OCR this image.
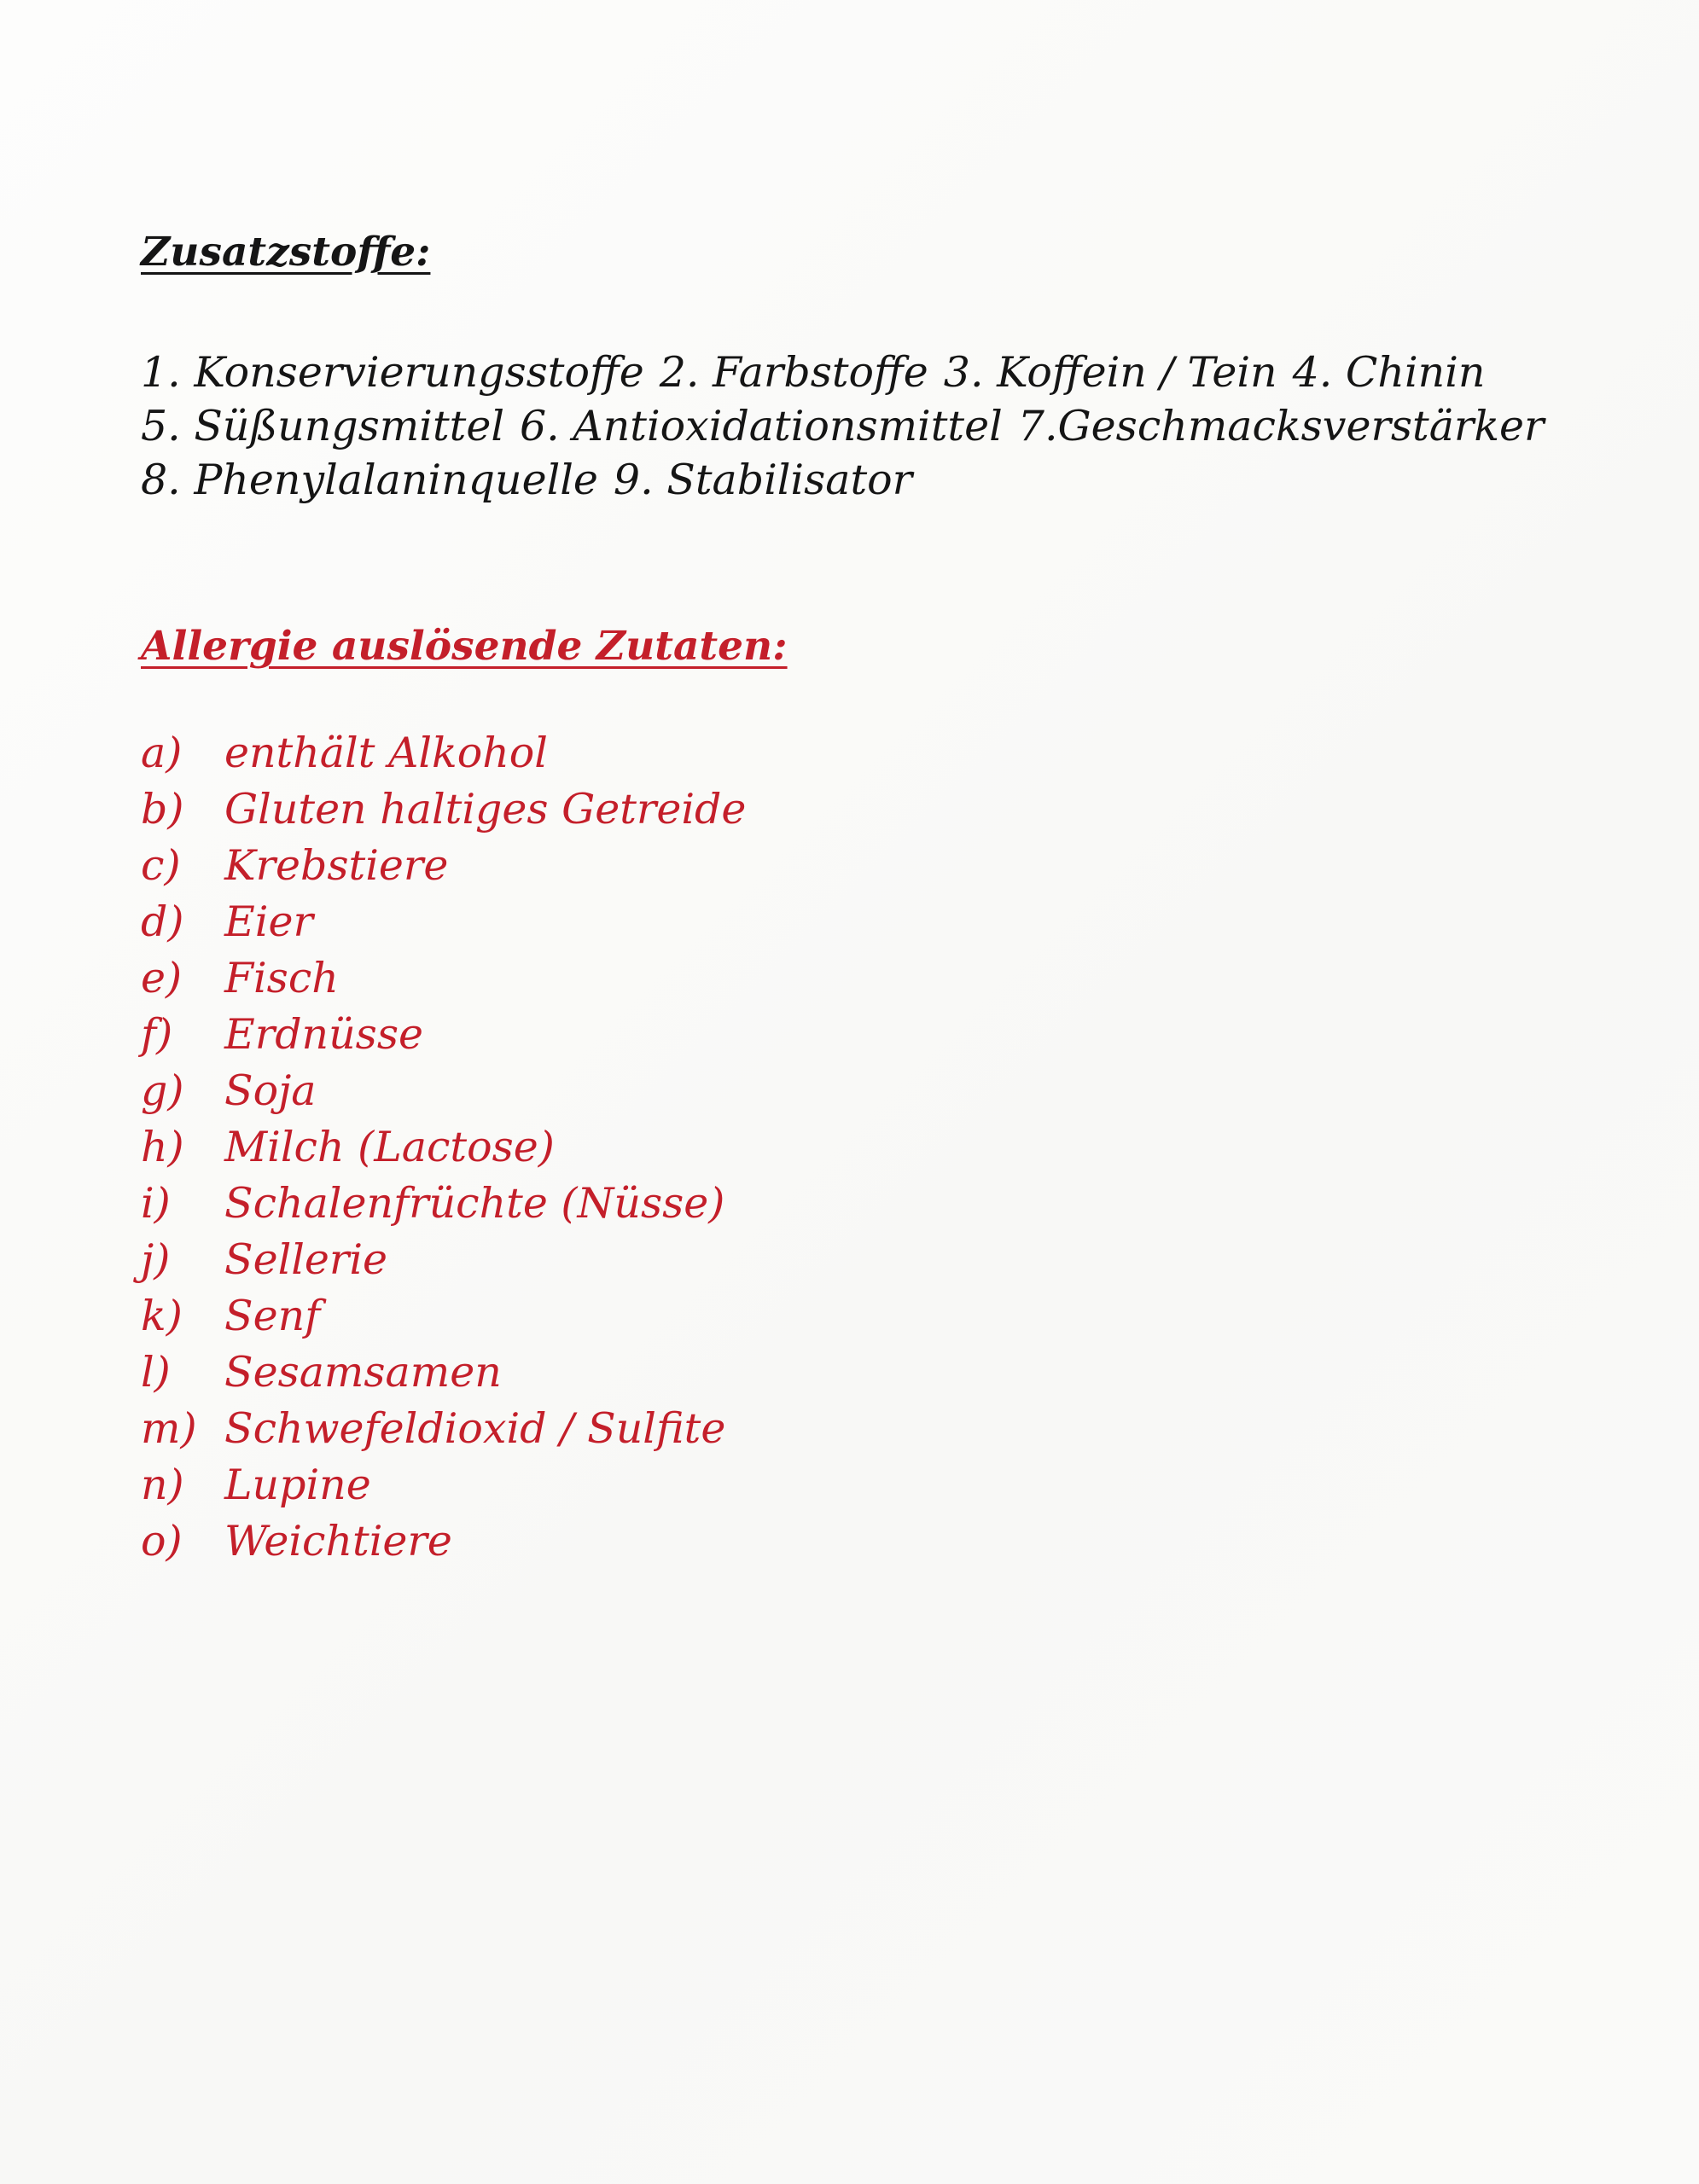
Zusatzstoffe:
1. Konservierungsstoffe 2. Farbstoffe 3. Koffein / Tein 4. Chinin
5. Süßungsmittel 6. Antioxidationsmittel 7.Geschmacksverstärker
8. Phenylalaninquelle 9. Stabilisator
Allergie auslösende Zutaten:
a) enthält Alkohol
b) Gluten haltiges Getreide
c) Krebstiere
d) Eier
e) Fisch
f) Erdnüsse
g) Soja
h) Milch (Lactose)
i) Schalenfrüchte (Nüsse)
j) Sellerie
k) Senf
l) Sesamsamen
m) Schwefeldioxid / Sulfite
n) Lupine
o) Weichtiere
